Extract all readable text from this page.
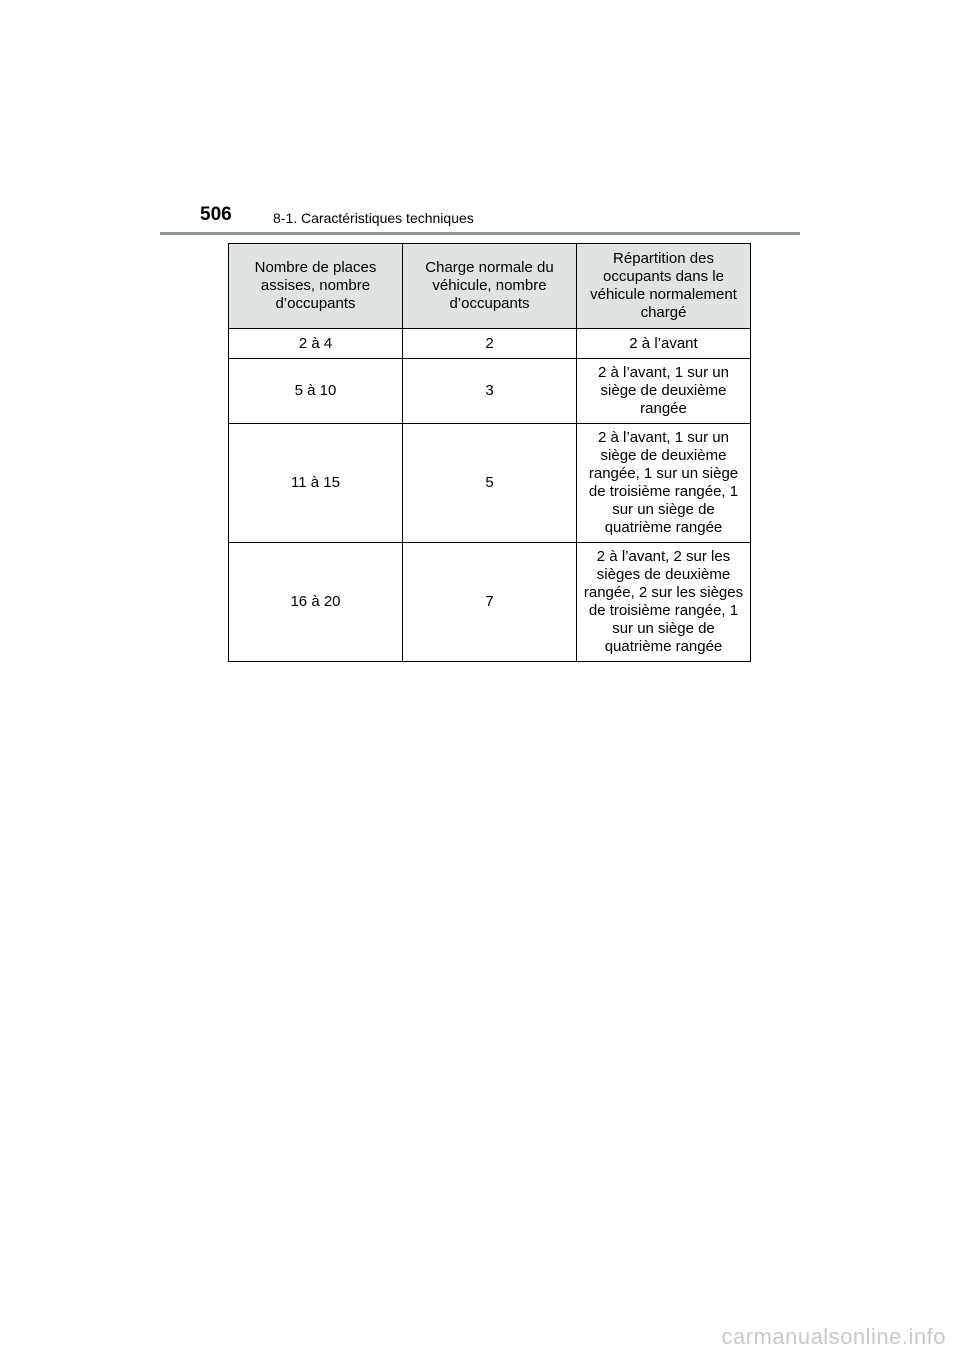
506	8-1. Caractéristiques techniques
Nombre de places assises, nombre d’occupants	Charge normale du véhicule, nombre d’occupants	Répartition des occupants dans le véhicule normalement chargé
2 à 4	2	2 à l’avant
5 à 10	3	2 à l’avant, 1 sur un siège de deuxième rangée
11 à 15	5	2 à l’avant, 1 sur un siège de deuxième rangée, 1 sur un siège de troisième rangée, 1 sur un siège de quatrième rangée
16 à 20	7	2 à l’avant, 2 sur les sièges de deuxième rangée, 2 sur les sièges de troisième rangée, 1 sur un siège de quatrième rangée
carmanualsonline.info
